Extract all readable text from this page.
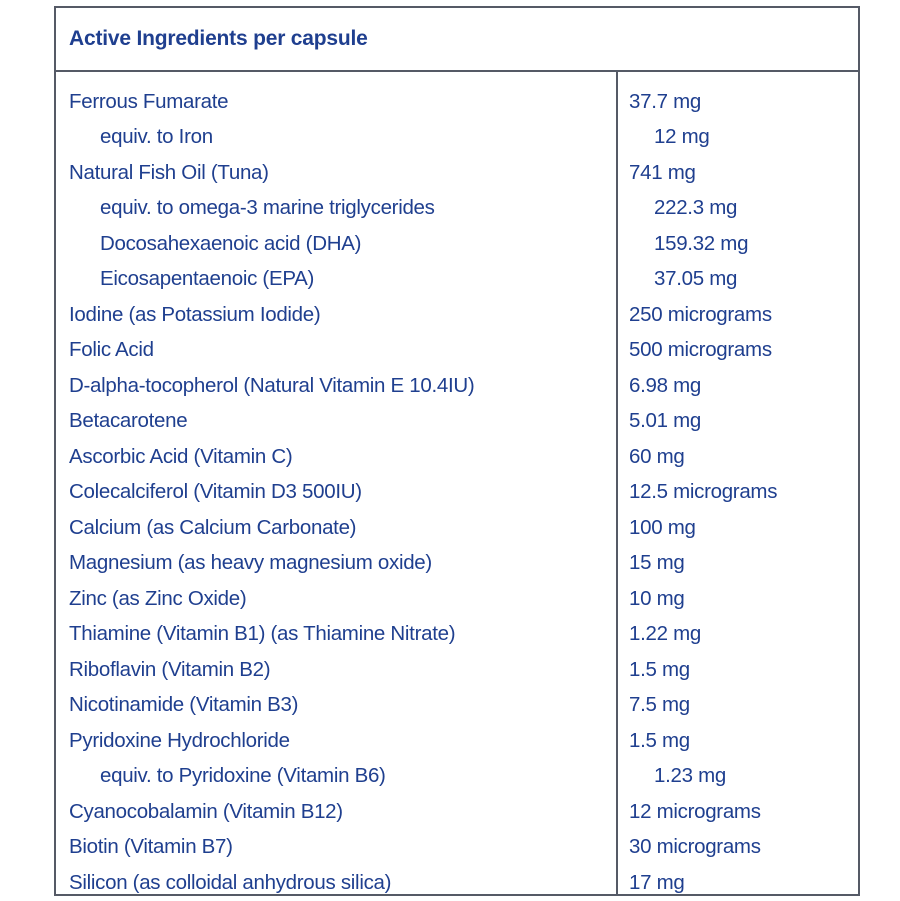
Active Ingredients per capsule
Ferrous Fumarate	37.7 mg
equiv. to Iron	12 mg
Natural Fish Oil (Tuna)	741 mg
equiv. to omega-3 marine triglycerides	222.3 mg
Docosahexaenoic acid (DHA)	159.32 mg
Eicosapentaenoic (EPA)	37.05 mg
Iodine (as Potassium Iodide)	250 micrograms
Folic Acid	500 micrograms
D-alpha-tocopherol (Natural Vitamin E 10.4IU)	6.98 mg
Betacarotene	5.01 mg
Ascorbic Acid (Vitamin C)	60 mg
Colecalciferol (Vitamin D3 500IU)	12.5 micrograms
Calcium (as Calcium Carbonate)	100 mg
Magnesium (as heavy magnesium oxide)	15 mg
Zinc (as Zinc Oxide)	10 mg
Thiamine (Vitamin B1) (as Thiamine Nitrate)	1.22 mg
Riboflavin (Vitamin B2)	1.5 mg
Nicotinamide (Vitamin B3)	7.5 mg
Pyridoxine Hydrochloride	1.5 mg
equiv. to Pyridoxine (Vitamin B6)	1.23 mg
Cyanocobalamin (Vitamin B12)	12 micrograms
Biotin (Vitamin B7)	30 micrograms
Silicon (as colloidal anhydrous silica)	17 mg
